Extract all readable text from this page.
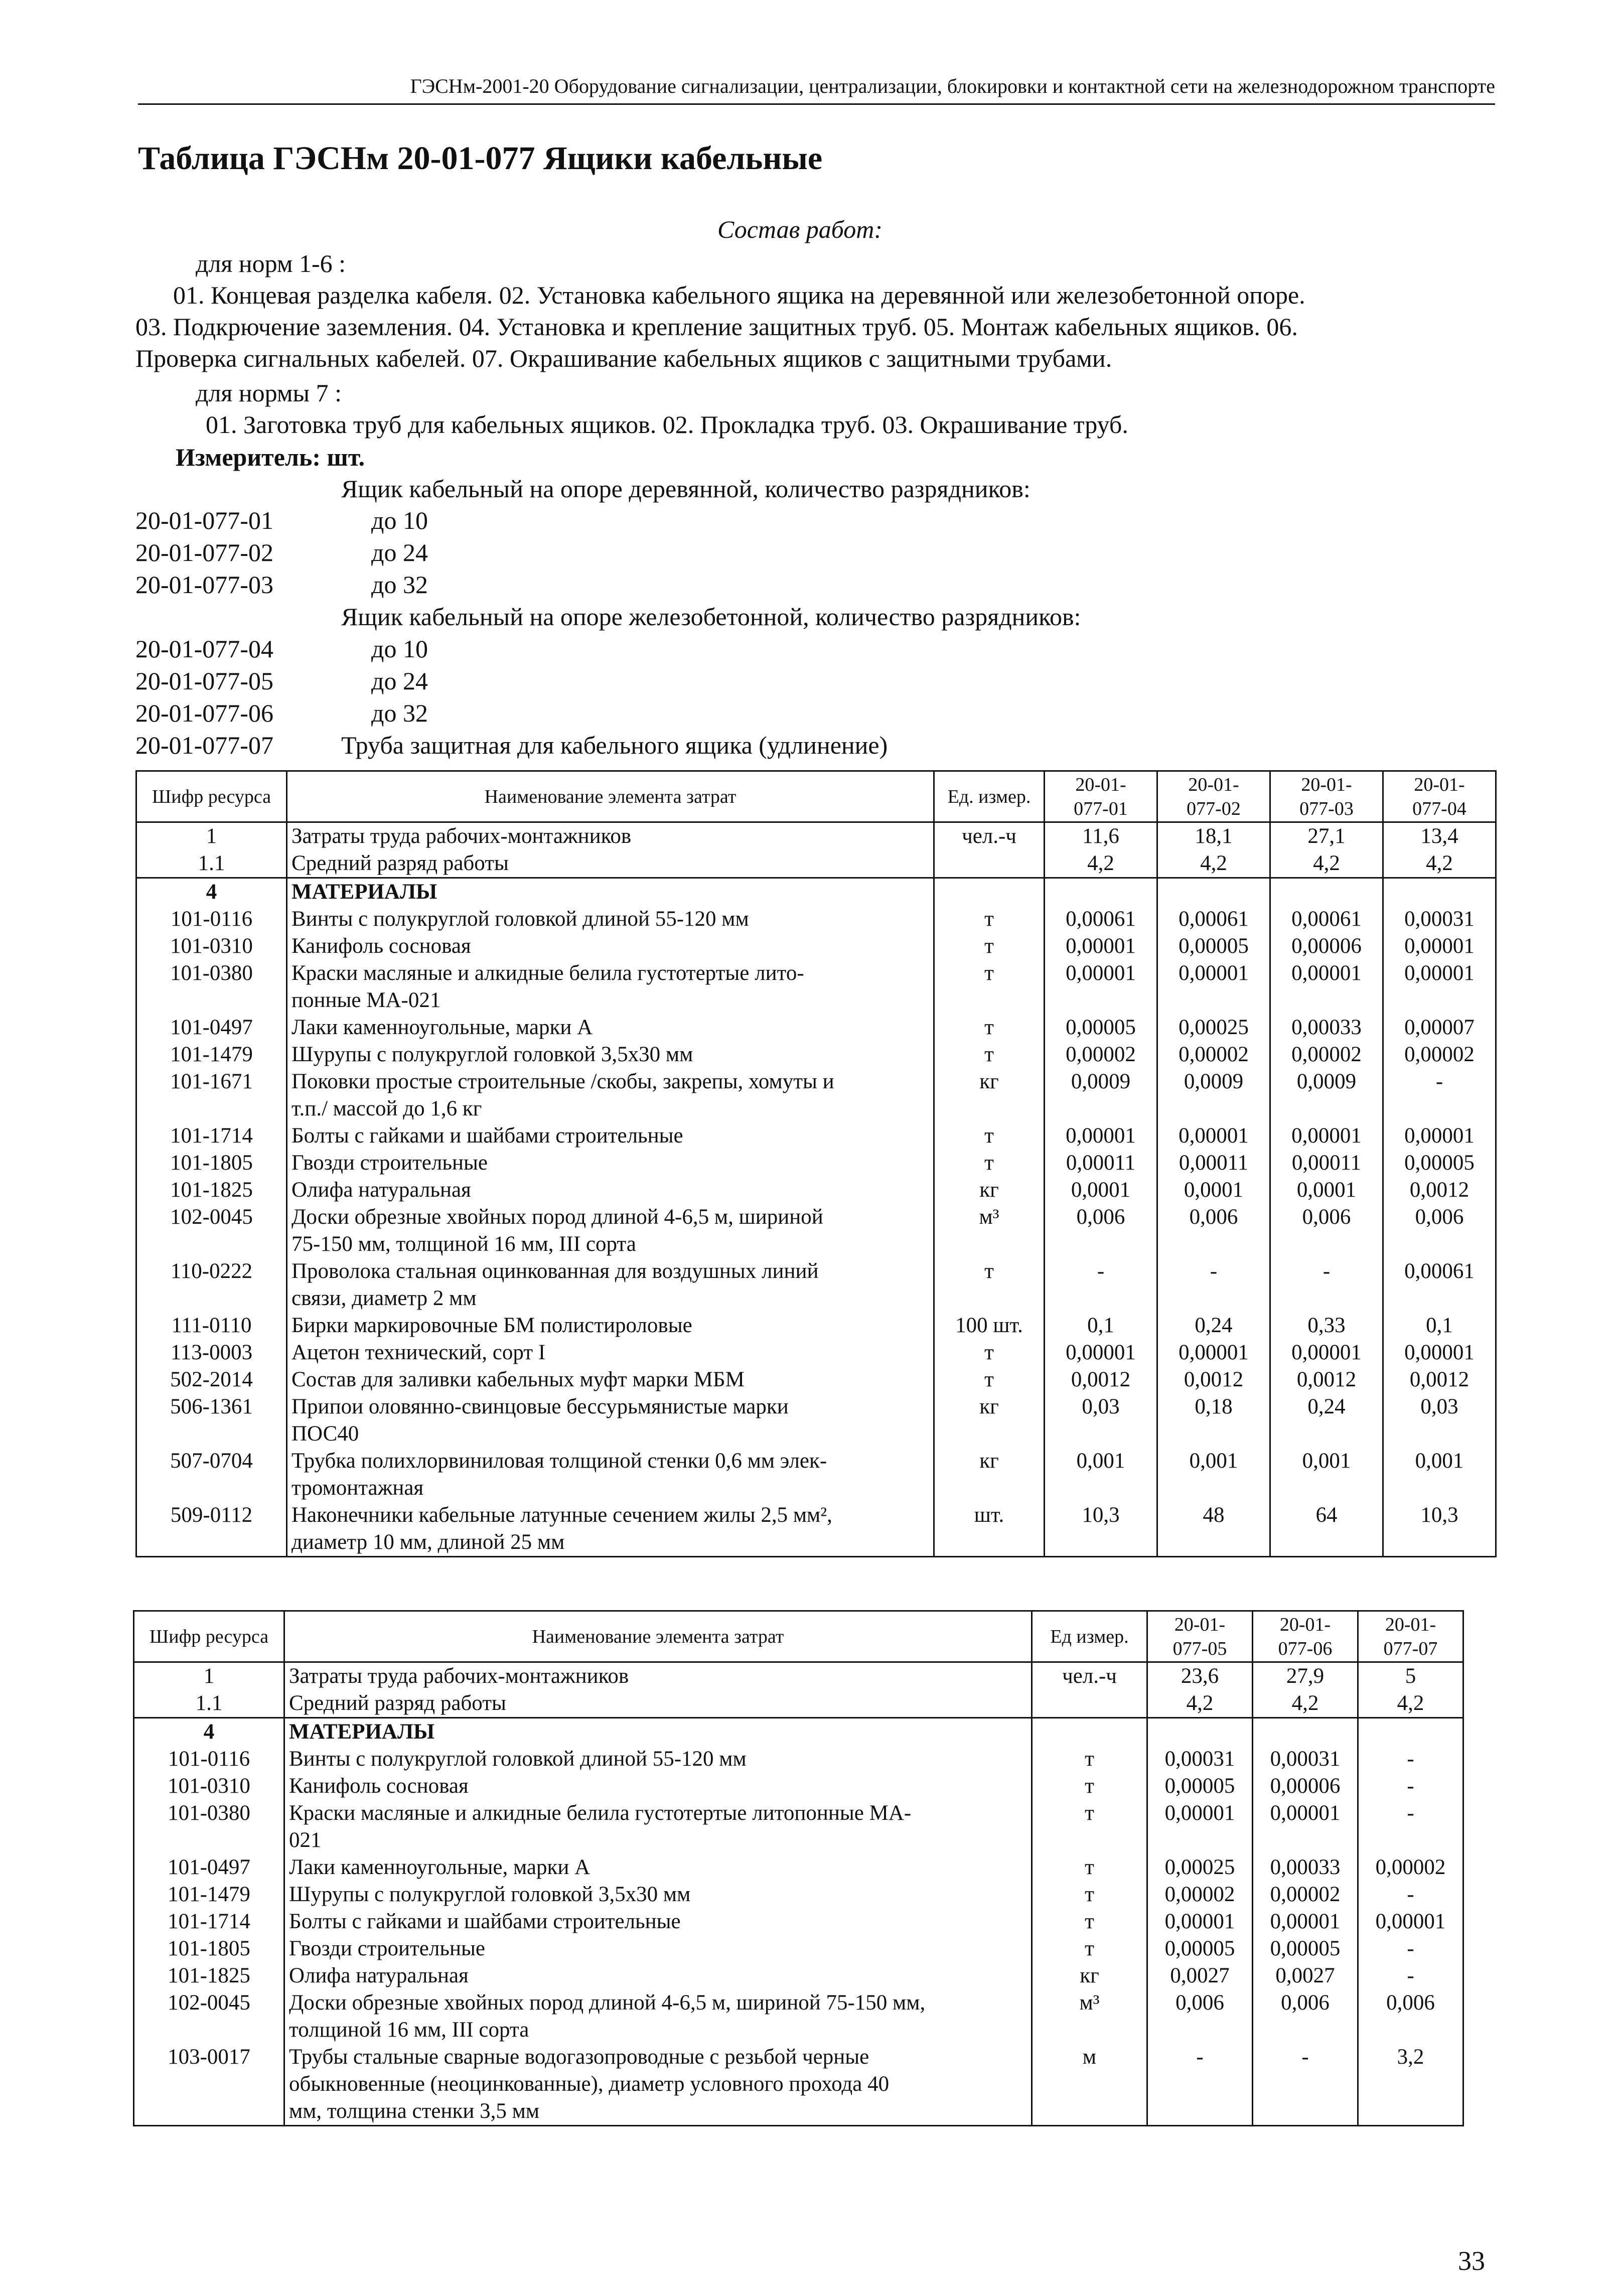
ГЭСНм-2001-20 Оборудование сигнализации, централизации, блокировки и контактной сети на железнодорожном транспорте
Таблица ГЭСНм 20-01-077 Ящики кабельные
Состав работ:
для норм 1-6 :
01. Концевая разделка кабеля. 02. Установка кабельного ящика на деревянной или железобетонной опоре.
03. Подкрючение заземления. 04. Установка и крепление защитных труб. 05. Монтаж кабельных ящиков. 06.
Проверка сигнальных кабелей. 07. Окрашивание кабельных ящиков с защитными трубами.
для нормы 7 :
01. Заготовка труб для кабельных ящиков. 02. Прокладка труб. 03. Окрашивание труб.
Измеритель: шт.
Ящик кабельный на опоре деревянной, количество разрядников:
20-01-077-01	до 10
20-01-077-02	до 24
20-01-077-03	до 32
Ящик кабельный на опоре железобетонной, количество разрядников:
20-01-077-04	до 10
20-01-077-05	до 24
20-01-077-06	до 32
20-01-077-07	Труба защитная для кабельного ящика (удлинение)
Шифр ресурса	Наименование элемента затрат	Ед. измер.	20-01-
077-01	20-01-
077-02	20-01-
077-03	20-01-
077-04
1	Затраты труда рабочих-монтажников	чел.-ч	11,6	18,1	27,1	13,4
1.1	Средний разряд работы		4,2	4,2	4,2	4,2
4	МАТЕРИАЛЫ					

101-0116	Винты с полукруглой головкой длиной 55-120 мм	т	0,00061	0,00061	0,00061	0,00031
101-0310	Канифоль сосновая	т	0,00001	0,00005	0,00006	0,00001
101-0380	Краски масляные и алкидные белила густотертые лито-
понные МА-021	т	0,00001	0,00001	0,00001	0,00001
101-0497	Лаки каменноугольные, марки А	т	0,00005	0,00025	0,00033	0,00007
101-1479	Шурупы с полукруглой головкой 3,5х30 мм	т	0,00002	0,00002	0,00002	0,00002
101-1671	Поковки простые строительные /скобы, закрепы, хомуты и
т.п./ массой до 1,6 кг	кг	0,0009	0,0009	0,0009	-
101-1714	Болты с гайками и шайбами строительные	т	0,00001	0,00001	0,00001	0,00001
101-1805	Гвозди строительные	т	0,00011	0,00011	0,00011	0,00005
101-1825	Олифа натуральная	кг	0,0001	0,0001	0,0001	0,0012
102-0045	Доски обрезные хвойных пород длиной 4-6,5 м, шириной
75-150 мм, толщиной 16 мм, III сорта	м³	0,006	0,006	0,006	0,006
110-0222	Проволока стальная оцинкованная для воздушных линий
связи, диаметр 2 мм	т	-	-	-	0,00061
111-0110	Бирки маркировочные БМ полистироловые	100 шт.	0,1	0,24	0,33	0,1
113-0003	Ацетон технический, сорт I	т	0,00001	0,00001	0,00001	0,00001
502-2014	Состав для заливки кабельных муфт марки МБМ	т	0,0012	0,0012	0,0012	0,0012
506-1361	Припои оловянно-свинцовые бессурьмянистые марки
ПОС40	кг	0,03	0,18	0,24	0,03
507-0704	Трубка полихлорвиниловая толщиной стенки 0,6 мм элек-
тромонтажная	кг	0,001	0,001	0,001	0,001
509-0112	Наконечники кабельные латунные сечением жилы 2,5 мм²,
диаметр 10 мм, длиной 25 мм	шт.	10,3	48	64	10,3
Шифр ресурса	Наименование элемента затрат	Ед измер.	20-01-
077-05	20-01-
077-06	20-01-
077-07
1	Затраты труда рабочих-монтажников	чел.-ч	23,6	27,9	5
1.1	Средний разряд работы		4,2	4,2	4,2
4	МАТЕРИАЛЫ				

101-0116	Винты с полукруглой головкой длиной 55-120 мм	т	0,00031	0,00031	-
101-0310	Канифоль сосновая	т	0,00005	0,00006	-
101-0380	Краски масляные и алкидные белила густотертые литопонные МА-
021	т	0,00001	0,00001	-
101-0497	Лаки каменноугольные, марки А	т	0,00025	0,00033	0,00002
101-1479	Шурупы с полукруглой головкой 3,5х30 мм	т	0,00002	0,00002	-
101-1714	Болты с гайками и шайбами строительные	т	0,00001	0,00001	0,00001
101-1805	Гвозди строительные	т	0,00005	0,00005	-
101-1825	Олифа натуральная	кг	0,0027	0,0027	-
102-0045	Доски обрезные хвойных пород длиной 4-6,5 м, шириной 75-150 мм,
толщиной 16 мм, III сорта	м³	0,006	0,006	0,006
103-0017	Трубы стальные сварные водогазопроводные с резьбой черные
обыкновенные (неоцинкованные), диаметр условного прохода 40
мм, толщина стенки 3,5 мм	м	-	-	3,2
33
